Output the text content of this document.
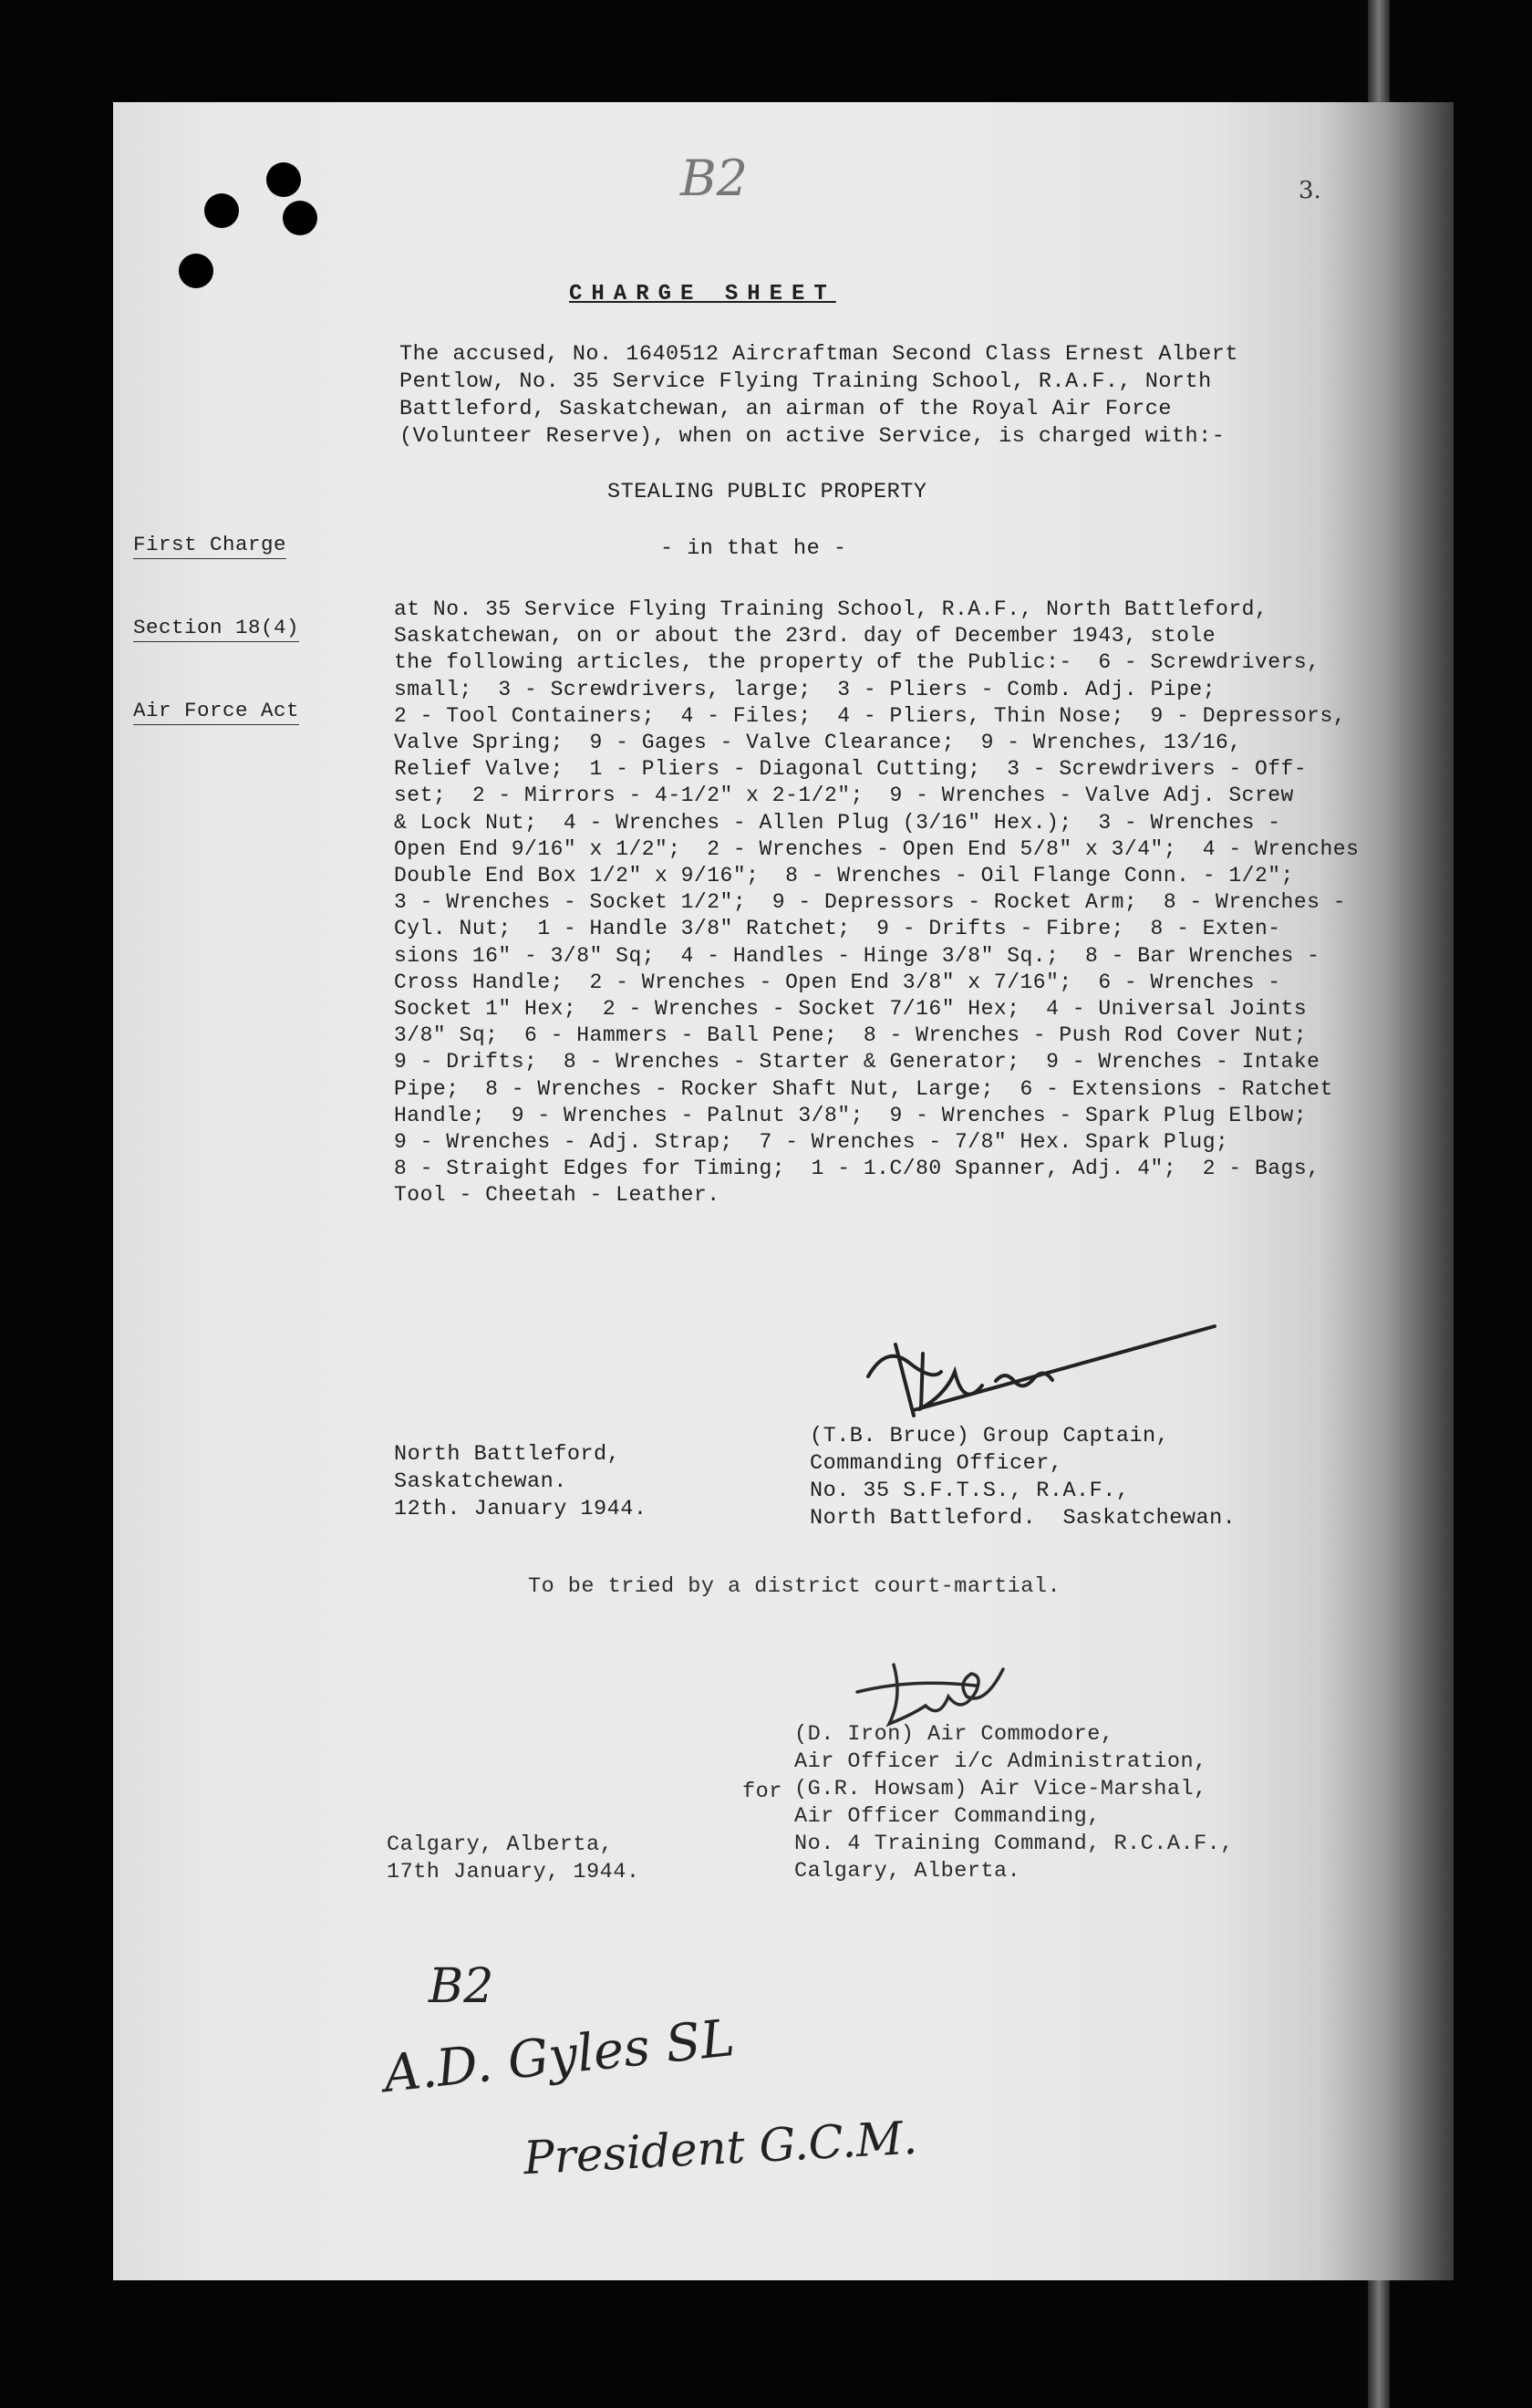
B2	3.
CHARGE SHEET
The accused, No. 1640512 Aircraftman Second Class Ernest Albert
Pentlow, No. 35 Service Flying Training School, R.A.F., North
Battleford, Saskatchewan, an airman of the Royal Air Force
(Volunteer Reserve), when on active Service, is charged with:-

First Charge

Section 18(4)

Air Force Act

STEALING PUBLIC PROPERTY
- in that he -
at No. 35 Service Flying Training School, R.A.F., North Battleford,
Saskatchewan, on or about the 23rd. day of December 1943, stole
the following articles, the property of the Public:-  6 - Screwdrivers,
small;  3 - Screwdrivers, large;  3 - Pliers - Comb. Adj. Pipe;
2 - Tool Containers;  4 - Files;  4 - Pliers, Thin Nose;  9 - Depressors,
Valve Spring;  9 - Gages - Valve Clearance;  9 - Wrenches, 13/16,
Relief Valve;  1 - Pliers - Diagonal Cutting;  3 - Screwdrivers - Off-
set;  2 - Mirrors - 4-1/2" x 2-1/2";  9 - Wrenches - Valve Adj. Screw
& Lock Nut;  4 - Wrenches - Allen Plug (3/16" Hex.);  3 - Wrenches -
Open End 9/16" x 1/2";  2 - Wrenches - Open End 5/8" x 3/4";  4 - Wrenches
Double End Box 1/2" x 9/16";  8 - Wrenches - Oil Flange Conn. - 1/2";
3 - Wrenches - Socket 1/2";  9 - Depressors - Rocket Arm;  8 - Wrenches -
Cyl. Nut;  1 - Handle 3/8" Ratchet;  9 - Drifts - Fibre;  8 - Exten-
sions 16" - 3/8" Sq;  4 - Handles - Hinge 3/8" Sq.;  8 - Bar Wrenches -
Cross Handle;  2 - Wrenches - Open End 3/8" x 7/16";  6 - Wrenches -
Socket 1" Hex;  2 - Wrenches - Socket 7/16" Hex;  4 - Universal Joints
3/8" Sq;  6 - Hammers - Ball Pene;  8 - Wrenches - Push Rod Cover Nut;
9 - Drifts;  8 - Wrenches - Starter & Generator;  9 - Wrenches - Intake
Pipe;  8 - Wrenches - Rocker Shaft Nut, Large;  6 - Extensions - Ratchet
Handle;  9 - Wrenches - Palnut 3/8";  9 - Wrenches - Spark Plug Elbow;
9 - Wrenches - Adj. Strap;  7 - Wrenches - 7/8" Hex. Spark Plug;
8 - Straight Edges for Timing;  1 - 1.C/80 Spanner, Adj. 4";  2 - Bags,
Tool - Cheetah - Leather.
North Battleford,
Saskatchewan.
12th. January 1944.
(T.B. Bruce) Group Captain,
Commanding Officer,
No. 35 S.F.T.S., R.A.F.,
North Battleford.  Saskatchewan.
To be tried by a district court-martial.
(D. Iron) Air Commodore,
Air Officer i/c Administration,
(G.R. Howsam) Air Vice-Marshal,
Air Officer Commanding,
No. 4 Training Command, R.C.A.F.,
Calgary, Alberta.
for
Calgary, Alberta,
17th January, 1944.
B2
A.D. Gyles SL
President G.C.M.
